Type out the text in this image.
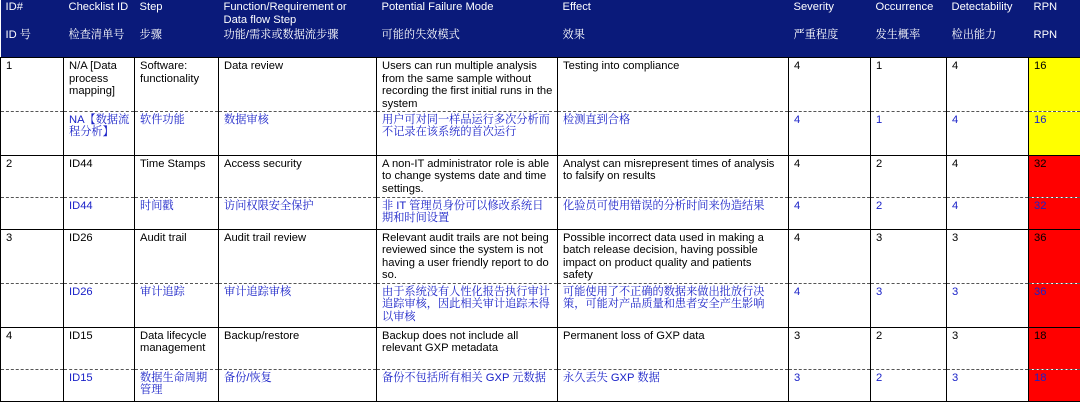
ID#	Checklist ID	Step	Function/Requirement or Data flow Step	Potential Failure Mode	Effect	Severity	Occurrence	Detectability	RPN
ID 号	检查清单号	步骤	功能/需求或数据流步骤	可能的失效模式	效果	严重程度	发生概率	检出能力	RPN
1	N/A [Data process mapping]	Software: functionality	Data review	Users can run multiple analysis from the same sample without recording the first initial runs in the system	Testing into compliance	4	1	4	16
	NA【数据流程分析】	软件功能	数据审核	用户可对同一样品运行多次分析而不记录在该系统的首次运行	检测直到合格	4	1	4	16
2	ID44	Time Stamps	Access security	A non-IT administrator role is able to change systems date and time settings.	Analyst can misrepresent times of analysis to falsify on results	4	2	4	32
	ID44	时间戳	访问权限安全保护	非 IT 管理员身份可以修改系统日期和时间设置	化验员可使用错误的分析时间来伪造结果	4	2	4	32
3	ID26	Audit trail	Audit trail review	Relevant audit trails are not being reviewed since the system is not having a user friendly report to do so.	Possible incorrect data used in making a batch release decision, having possible impact on product quality and patients safety	4	3	3	36
	ID26	审计追踪	审计追踪审核	由于系统没有人性化报告执行审计追踪审核，因此相关审计追踪未得以审核	可能使用了不正确的数据来做出批放行决策，可能对产品质量和患者安全产生影响	4	3	3	36
4	ID15	Data lifecycle management	Backup/restore	Backup does not include all relevant GXP metadata	Permanent loss of GXP data	3	2	3	18
	ID15	数据生命周期管理	备份/恢复	备份不包括所有相关 GXP 元数据	永久丢失 GXP 数据	3	2	3	18
